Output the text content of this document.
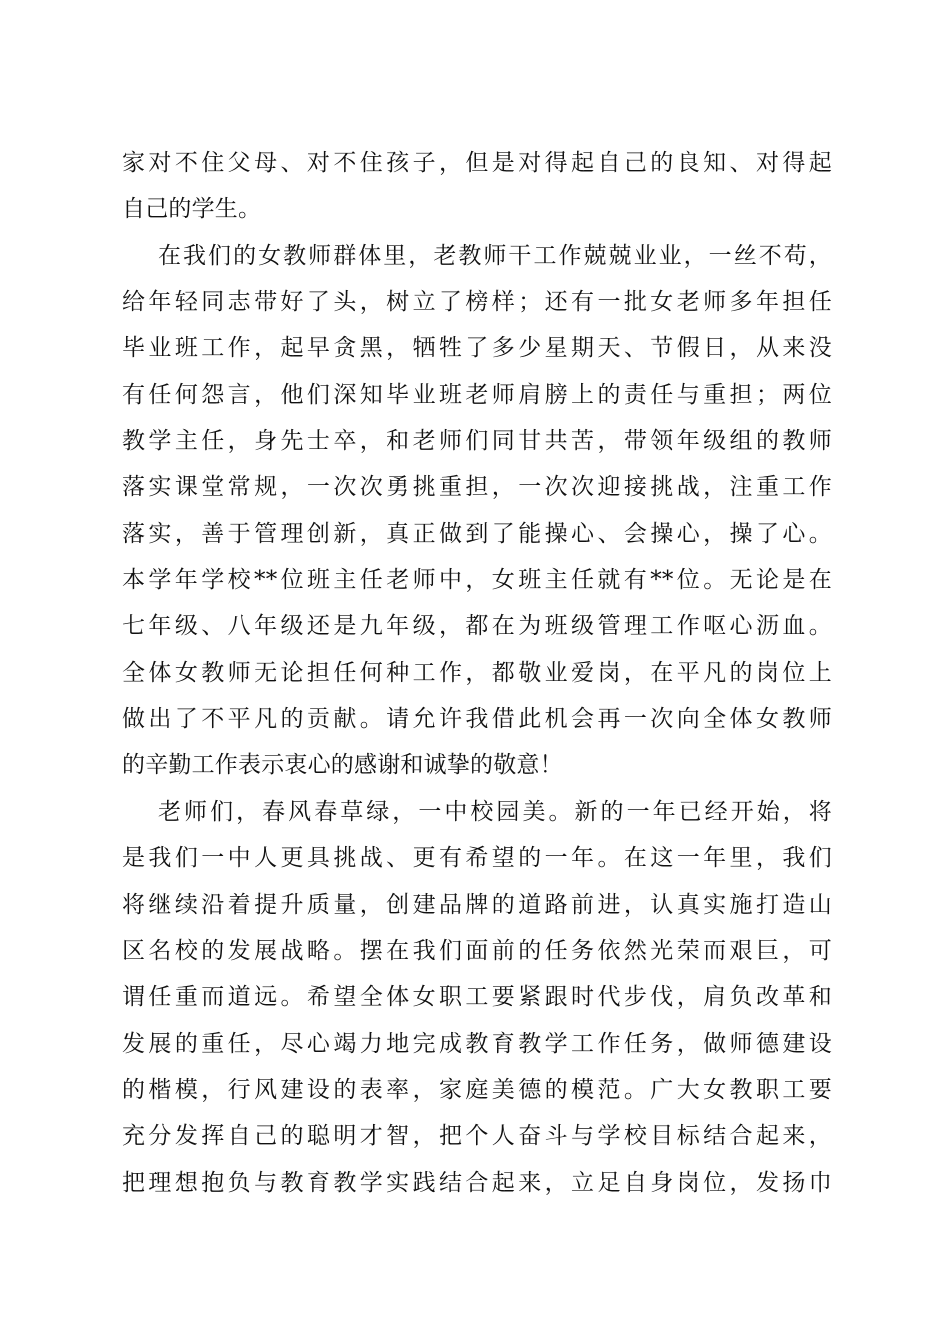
家对不住父母、对不住孩子，但是对得起自己的良知、对得起
自己的学生。
在我们的女教师群体里，老教师干工作兢兢业业，一丝不苟，
给年轻同志带好了头，树立了榜样；还有一批女老师多年担任
毕业班工作，起早贪黑，牺牲了多少星期天、节假日，从来没
有任何怨言，他们深知毕业班老师肩膀上的责任与重担；两位
教学主任，身先士卒，和老师们同甘共苦，带领年级组的教师
落实课堂常规，一次次勇挑重担，一次次迎接挑战，注重工作
落实，善于管理创新，真正做到了能操心、会操心，操了心。
本学年学校**位班主任老师中，女班主任就有**位。无论是在
七年级、八年级还是九年级，都在为班级管理工作呕心沥血。
全体女教师无论担任何种工作，都敬业爱岗，在平凡的岗位上
做出了不平凡的贡献。请允许我借此机会再一次向全体女教师
的辛勤工作表示衷心的感谢和诚挚的敬意！
老师们，春风春草绿，一中校园美。新的一年已经开始，将
是我们一中人更具挑战、更有希望的一年。在这一年里，我们
将继续沿着提升质量，创建品牌的道路前进，认真实施打造山
区名校的发展战略。摆在我们面前的任务依然光荣而艰巨，可
谓任重而道远。希望全体女职工要紧跟时代步伐，肩负改革和
发展的重任，尽心竭力地完成教育教学工作任务，做师德建设
的楷模，行风建设的表率，家庭美德的模范。广大女教职工要
充分发挥自己的聪明才智，把个人奋斗与学校目标结合起来，
把理想抱负与教育教学实践结合起来，立足自身岗位，发扬巾
